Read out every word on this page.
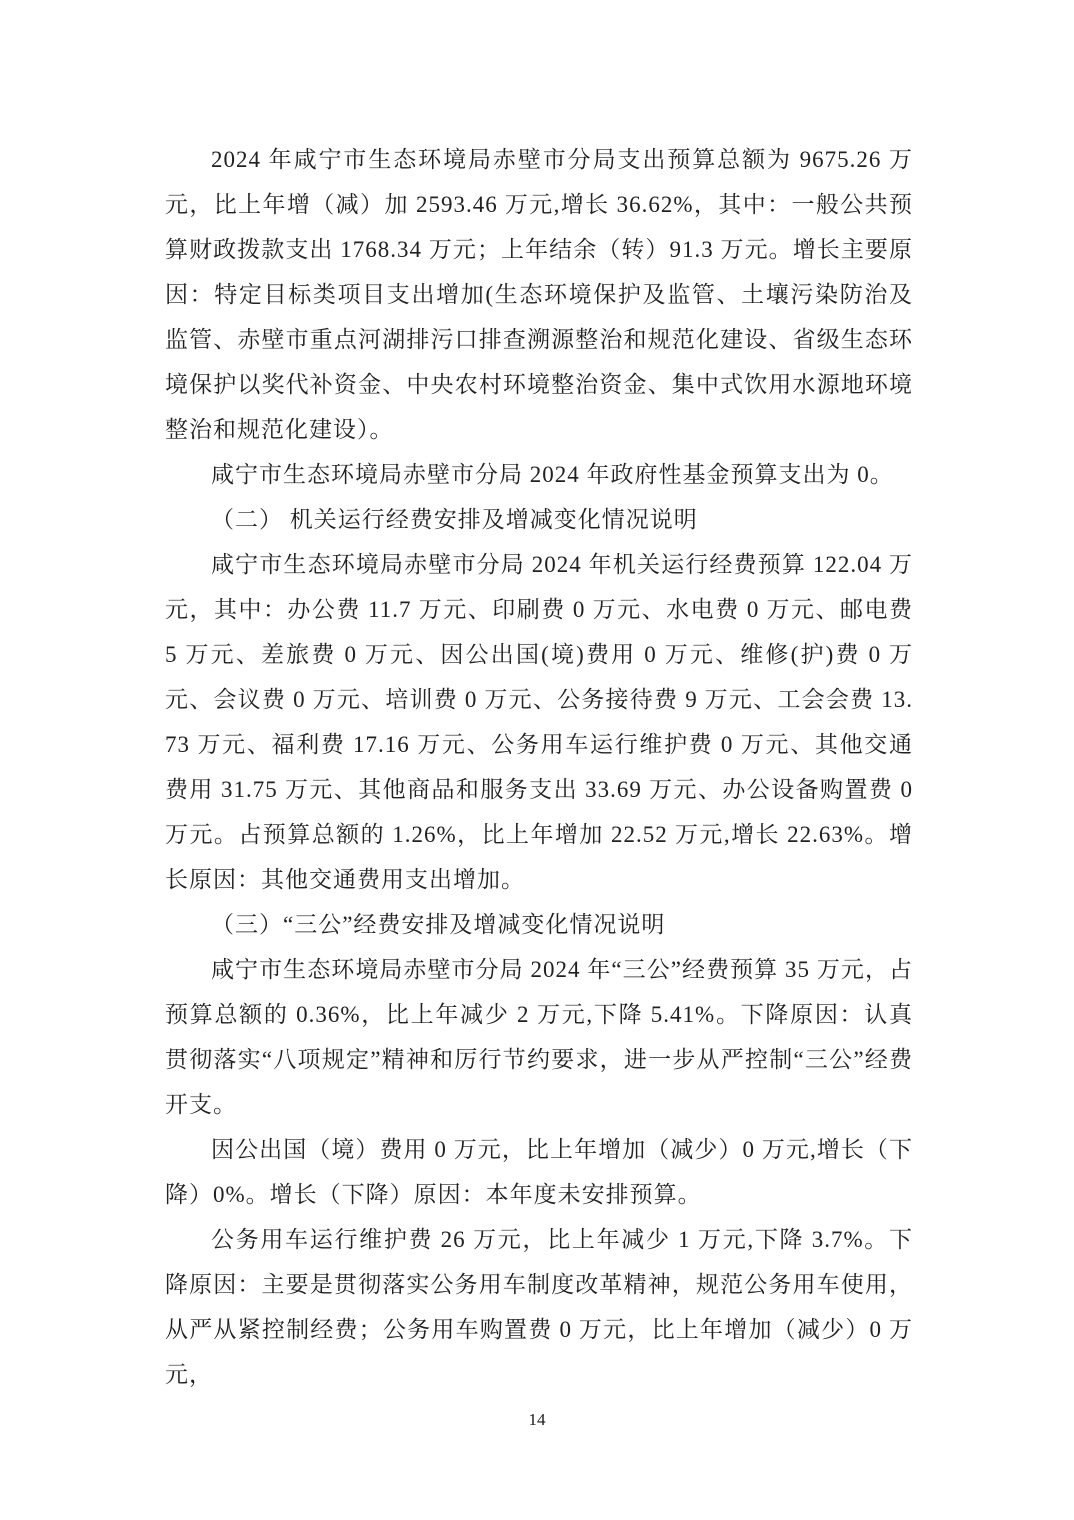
2024 年咸宁市生态环境局赤壁市分局支出预算总额为 9675.26 万元，比上年增（减）加 2593.46 万元,增长 36.62%，其中：一般公共预算财政拨款支出 1768.34 万元；上年结余（转）91.3 万元。增长主要原因：特定目标类项目支出增加(生态环境保护及监管、土壤污染防治及监管、赤壁市重点河湖排污口排查溯源整治和规范化建设、省级生态环境保护以奖代补资金、中央农村环境整治资金、集中式饮用水源地环境整治和规范化建设）。

咸宁市生态环境局赤壁市分局 2024 年政府性基金预算支出为 0。

（二） 机关运行经费安排及增减变化情况说明

咸宁市生态环境局赤壁市分局 2024 年机关运行经费预算 122.04 万元，其中：办公费 11.7 万元、印刷费 0 万元、水电费 0 万元、邮电费 5 万元、差旅费 0 万元、因公出国(境)费用 0 万元、维修(护)费 0 万元、会议费 0 万元、培训费 0 万元、公务接待费 9 万元、工会会费 13.73 万元、福利费 17.16 万元、公务用车运行维护费 0 万元、其他交通费用 31.75 万元、其他商品和服务支出 33.69 万元、办公设备购置费 0 万元。占预算总额的 1.26%，比上年增加 22.52 万元,增长 22.63%。增长原因：其他交通费用支出增加。

（三）“三公”经费安排及增减变化情况说明

咸宁市生态环境局赤壁市分局 2024 年“三公”经费预算 35 万元，占预算总额的 0.36%，比上年减少 2 万元,下降 5.41%。下降原因：认真贯彻落实“八项规定”精神和厉行节约要求，进一步从严控制“三公”经费开支。

因公出国（境）费用 0 万元，比上年增加（减少）0 万元,增长（下降）0%。增长（下降）原因：本年度未安排预算。

公务用车运行维护费 26 万元，比上年减少 1 万元,下降 3.7%。下降原因：主要是贯彻落实公务用车制度改革精神，规范公务用车使用，从严从紧控制经费；公务用车购置费 0 万元，比上年增加（减少）0 万元，

14
